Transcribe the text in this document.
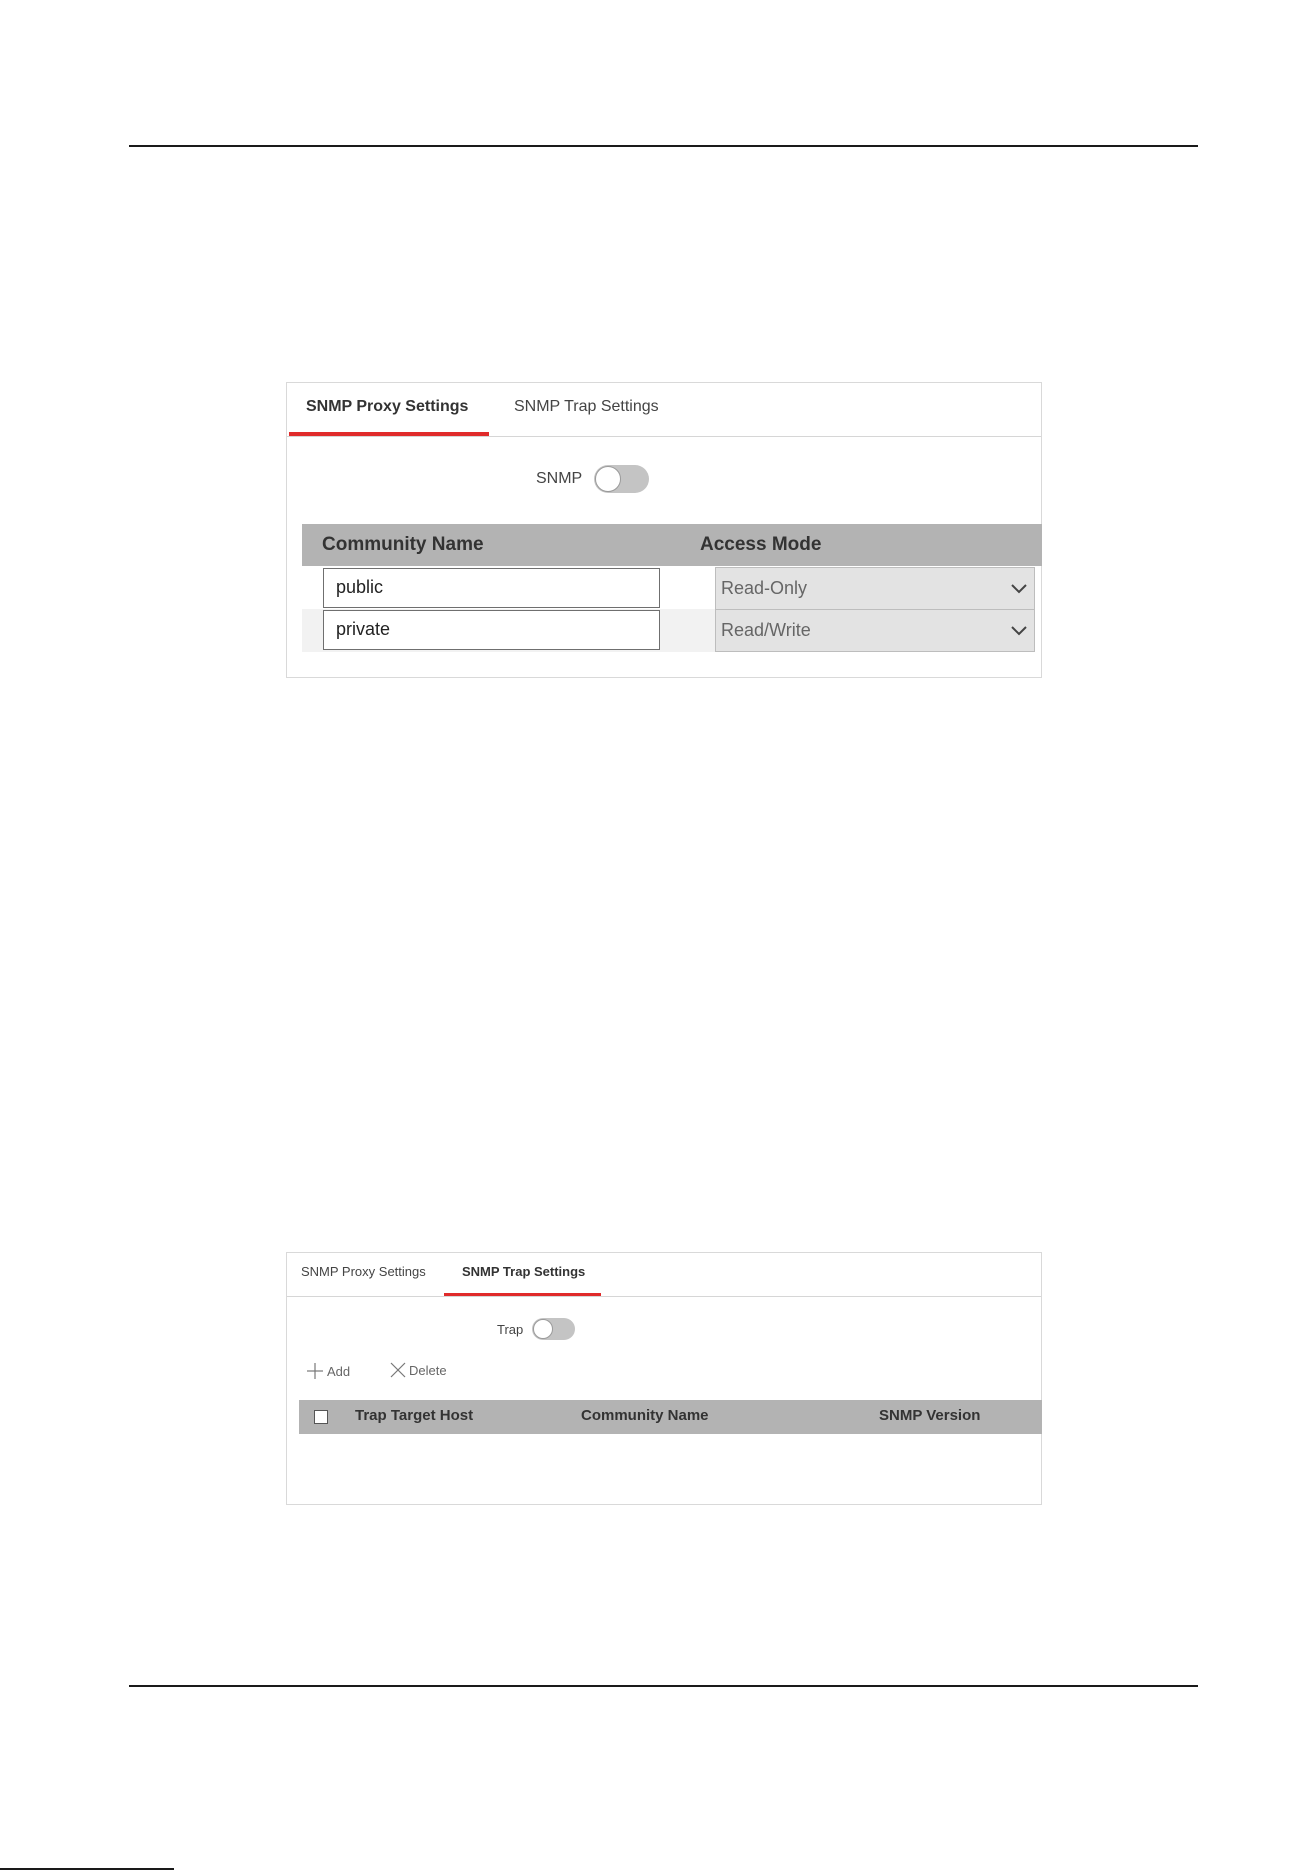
SNMP Proxy Settings	SNMP Trap Settings
SNMP
Community Name	Access Mode
public	Read-Only
private	Read/Write
SNMP Proxy Settings	SNMP Trap Settings
Trap
Add	Delete
Trap Target Host	Community Name	SNMP Version
